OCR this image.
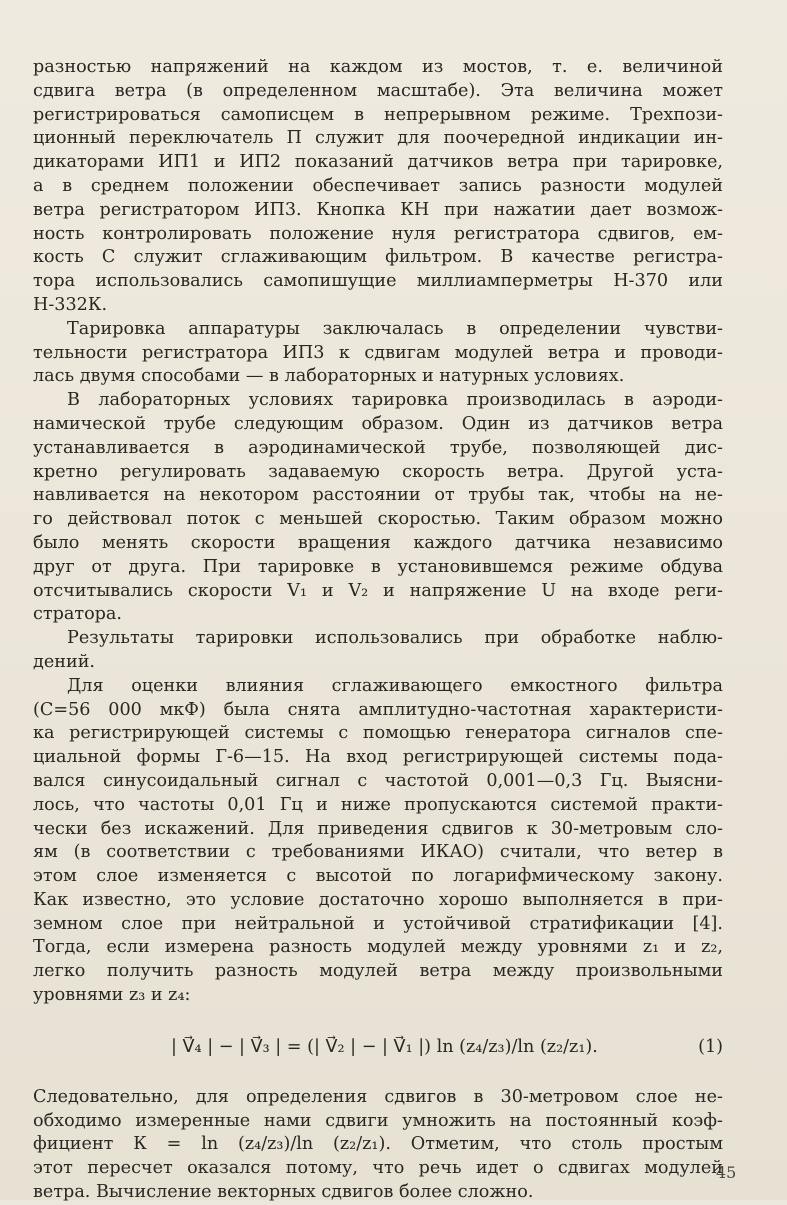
разностью напряжений на каждом из мостов, т. е. величиной
сдвига ветра (в определенном масштабе). Эта величина может
регистрироваться самописцем в непрерывном режиме. Трехпози-
ционный переключатель П служит для поочередной индикации ин-
дикаторами ИП1 и ИП2 показаний датчиков ветра при тарировке,
а в среднем положении обеспечивает запись разности модулей
ветра регистратором ИП3. Кнопка КН при нажатии дает возмож-
ность контролировать положение нуля регистратора сдвигов, ем-
кость С служит сглаживающим фильтром. В качестве регистра-
тора использовались самопишущие миллиамперметры Н-370 или
Н-332К.
Тарировка аппаратуры заключалась в определении чувстви-
тельности регистратора ИП3 к сдвигам модулей ветра и проводи-
лась двумя способами — в лабораторных и натурных условиях.
В лабораторных условиях тарировка производилась в аэроди-
намической трубе следующим образом. Один из датчиков ветра
устанавливается в аэродинамической трубе, позволяющей дис-
кретно регулировать задаваемую скорость ветра. Другой уста-
навливается на некотором расстоянии от трубы так, чтобы на не-
го действовал поток с меньшей скоростью. Таким образом можно
было менять скорости вращения каждого датчика независимо
друг от друга. При тарировке в установившемся режиме обдува
отсчитывались скорости V₁ и V₂ и напряжение U на входе реги-
стратора.
Результаты тарировки использовались при обработке наблю-
дений.
Для оценки влияния сглаживающего емкостного фильтра
(С=56 000 мкФ) была снята амплитудно-частотная характеристи-
ка регистрирующей системы с помощью генератора сигналов спе-
циальной формы Г-6—15. На вход регистрирующей системы пода-
вался синусоидальный сигнал с частотой 0,001—0,3 Гц. Выясни-
лось, что частоты 0,01 Гц и ниже пропускаются системой практи-
чески без искажений. Для приведения сдвигов к 30-метровым сло-
ям (в соответствии с требованиями ИКАО) считали, что ветер в
этом слое изменяется с высотой по логарифмическому закону.
Как известно, это условие достаточно хорошо выполняется в при-
земном слое при нейтральной и устойчивой стратификации [4].
Тогда, если измерена разность модулей между уровнями z₁ и z₂,
легко получить разность модулей ветра между произвольными
уровнями z₃ и z₄:
| V⃗₄ | − | V⃗₃ | = (| V⃗₂ | − | V⃗₁ |) ln (z₄/z₃)/ln (z₂/z₁).	(1)
Следовательно, для определения сдвигов в 30-метровом слое не-
обходимо измеренные нами сдвиги умножить на постоянный коэф-
фициент К = ln (z₄/z₃)/ln (z₂/z₁). Отметим, что столь простым
этот пересчет оказался потому, что речь идет о сдвигах модулей
ветра. Вычисление векторных сдвигов более сложно.
45
